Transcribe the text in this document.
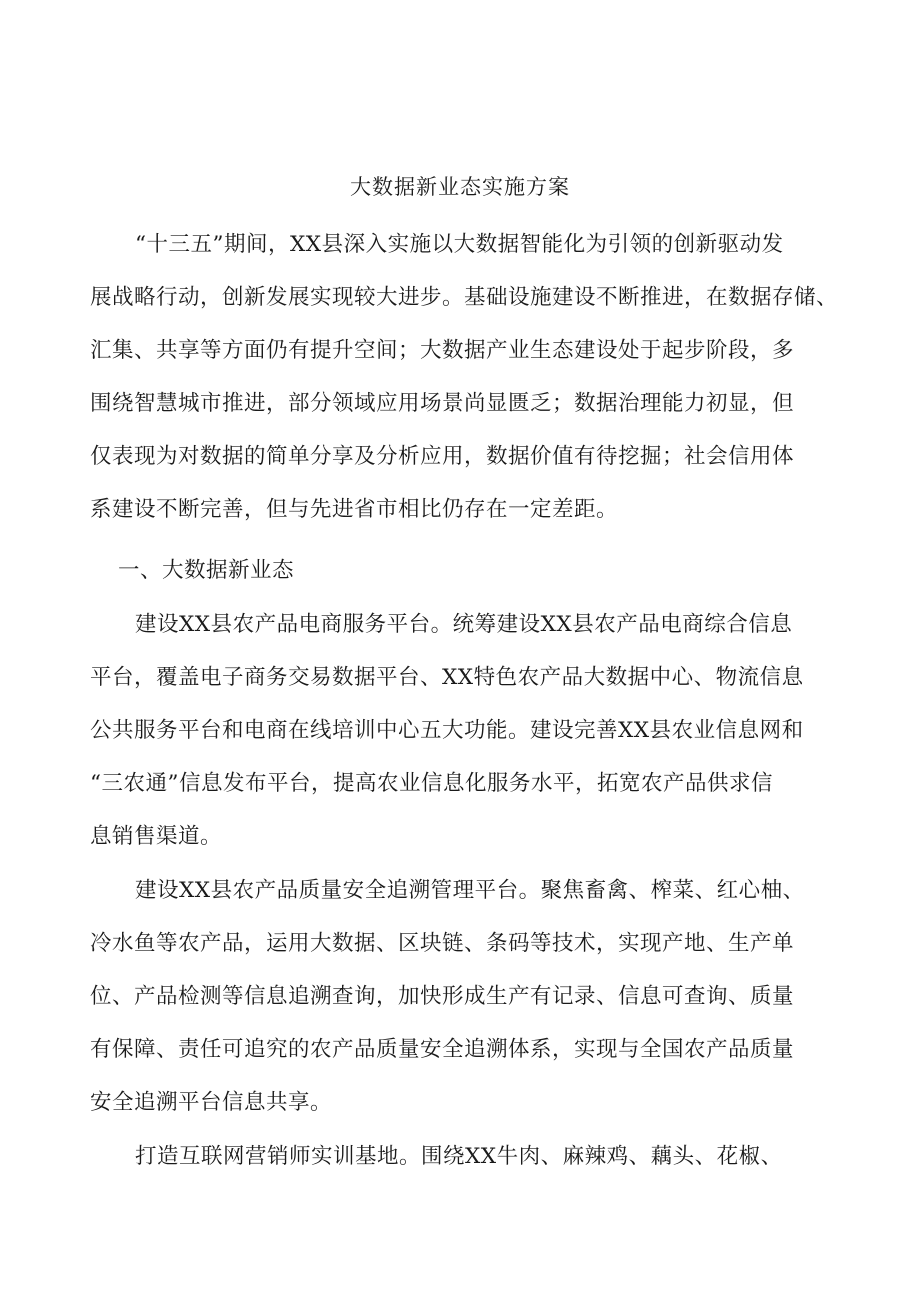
大数据新业态实施方案
“十三五”期间，XX县深入实施以大数据智能化为引领的创新驱动发
展战略行动，创新发展实现较大进步。基础设施建设不断推进，在数据存储、
汇集、共享等方面仍有提升空间；大数据产业生态建设处于起步阶段，多
围绕智慧城市推进，部分领域应用场景尚显匮乏；数据治理能力初显，但
仅表现为对数据的简单分享及分析应用，数据价值有待挖掘；社会信用体
系建设不断完善，但与先进省市相比仍存在一定差距。
一、大数据新业态
建设XX县农产品电商服务平台。统筹建设XX县农产品电商综合信息
平台，覆盖电子商务交易数据平台、XX特色农产品大数据中心、物流信息
公共服务平台和电商在线培训中心五大功能。建设完善XX县农业信息网和
“三农通”信息发布平台，提高农业信息化服务水平，拓宽农产品供求信
息销售渠道。
建设XX县农产品质量安全追溯管理平台。聚焦畜禽、榨菜、红心柚、
冷水鱼等农产品，运用大数据、区块链、条码等技术，实现产地、生产单
位、产品检测等信息追溯查询，加快形成生产有记录、信息可查询、质量
有保障、责任可追究的农产品质量安全追溯体系，实现与全国农产品质量
安全追溯平台信息共享。
打造互联网营销师实训基地。围绕XX牛肉、麻辣鸡、藕头、花椒、
